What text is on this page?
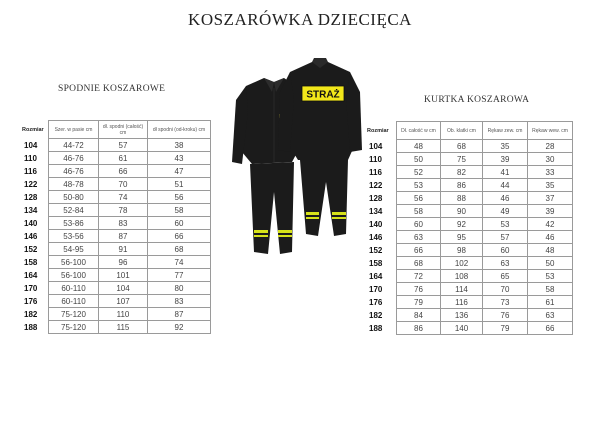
KOSZARÓWKA DZIECIĘCA
SPODNIE KOSZAROWE
KURTKA KOSZAROWA
Rozmiar	Szer. w pasie cm	dł. spodni (całość) cm	dł spodni (od-kroku) cm
104	44-72	57	38
110	46-76	61	43
116	46-76	66	47
122	48-78	70	51
128	50-80	74	56
134	52-84	78	58
140	53-86	83	60
146	53-56	87	66
152	54-95	91	68
158	56-100	96	74
164	56-100	101	77
170	60-110	104	80
176	60-110	107	83
182	75-120	110	87
188	75-120	115	92
Rozmiar	Dł. całość w cm	Ob. klatki cm	Rękaw zew. cm	Rękaw wew. cm
104	48	68	35	28
110	50	75	39	30
116	52	82	41	33
122	53	86	44	35
128	56	88	46	37
134	58	90	49	39
140	60	92	53	42
146	63	95	57	46
152	66	98	60	48
158	68	102	63	50
164	72	108	65	53
170	76	114	70	58
176	79	116	73	61
182	84	136	76	63
188	86	140	79	66
STRAŻ
